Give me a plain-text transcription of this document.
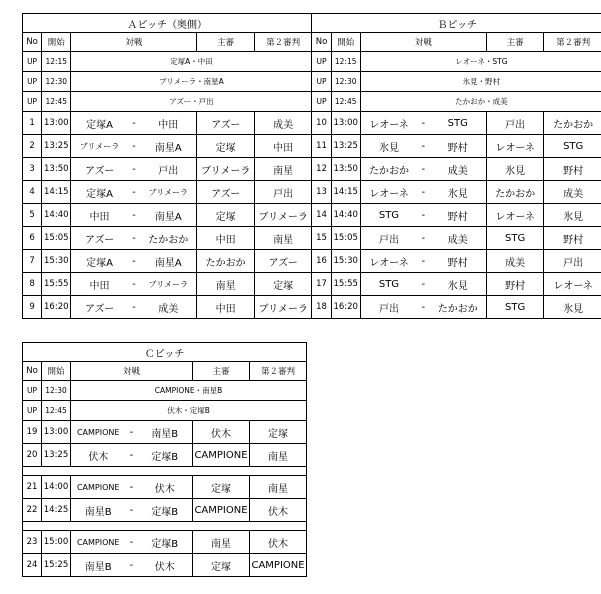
Ａピッチ（奥側）					Ｂピッチ				
No	開始	対戦	主審	第２審判	No	開始	対戦	主審	第２審判
UP	12:15	定塚A・中田			UP	12:15	レオーネ・STG		
UP	12:30	ブリメーラ・南星A			UP	12:30	氷見・野村		
UP	12:45	アズー・戸出			UP	12:45	たかおか・成美		
1	13:00	定塚A - 中田	アズー	成美	10	13:00	レオーネ - STG	戸出	たかおか
2	13:25	ブリメーラ - 南星A	定塚	中田	11	13:25	氷見 - 野村	レオーネ	STG
3	13:50	アズー - 戸出	ブリメーラ	南星	12	13:50	たかおか - 成美	氷見	野村
4	14:15	定塚A - ブリメーラ	アズー	戸出	13	14:15	レオーネ - 氷見	たかおか	成美
5	14:40	中田 - 南星A	定塚	ブリメーラ	14	14:40	STG - 野村	レオーネ	氷見
6	15:05	アズー - たかおか	中田	南星	15	15:05	戸出 - 成美	STG	野村
7	15:30	定塚A - 南星A	たかおか	アズー	16	15:30	レオーネ - 野村	成美	戸出
8	15:55	中田 - ブリメーラ	南星	定塚	17	15:55	STG - 氷見	野村	レオーネ
9	16:20	アズー - 成美	中田	ブリメーラ	18	16:20	戸出 - たかおか	STG	氷見
Ｃピッチ				
No	開始	対戦	主審	第２審判
UP	12:30	CAMPIONE・南星B		
UP	12:45	伏木・定塚B		
19	13:00	CAMPIONE - 南星B	伏木	定塚
20	13:25	伏木 - 定塚B	CAMPIONE	南星

21	14:00	CAMPIONE - 伏木	定塚	南星
22	14:25	南星B - 定塚B	CAMPIONE	伏木

23	15:00	CAMPIONE - 定塚B	南星	伏木
24	15:25	南星B - 伏木	定塚	CAMPIONE
